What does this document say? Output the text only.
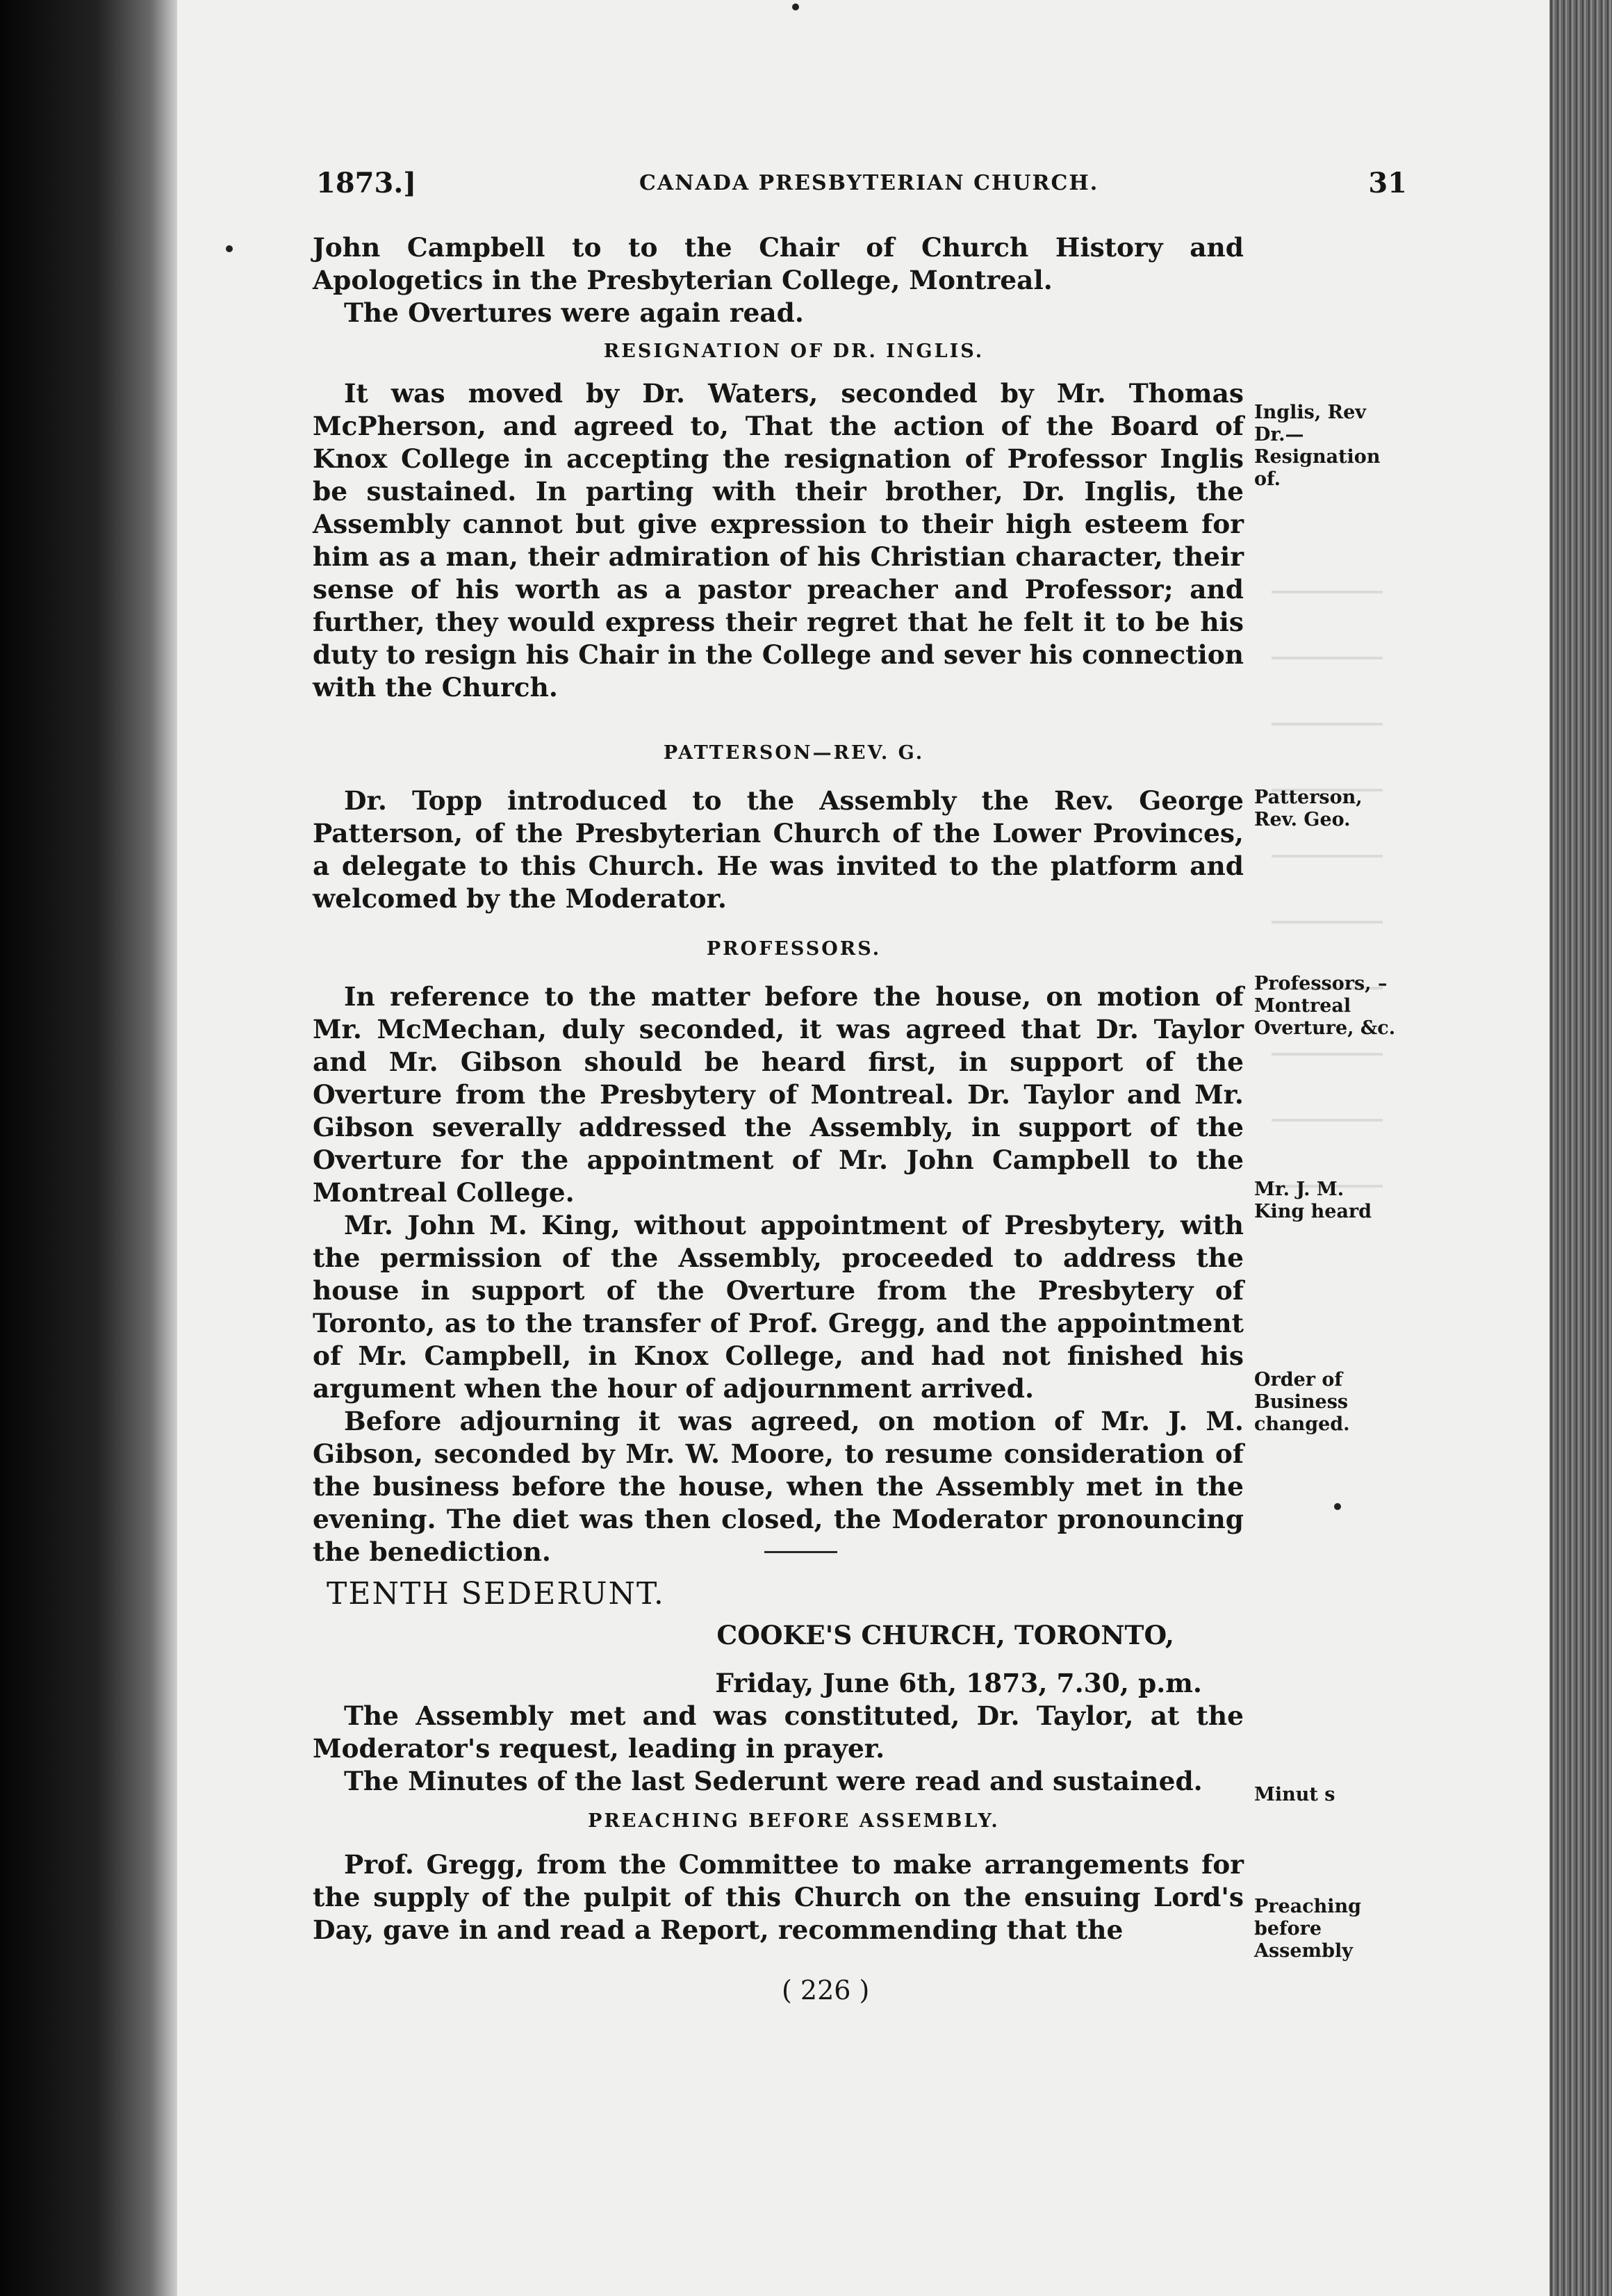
1873.]	CANADA PRESBYTERIAN CHURCH.	31

John Campbell to to the Chair of Church History and Apologetics in the Presbyterian College, Montreal.

The Overtures were again read.

RESIGNATION OF DR. INGLIS.

It was moved by Dr. Waters, seconded by Mr. Thomas McPherson, and agreed to, That the action of the Board of Knox College in accepting the resignation of Professor Inglis be sustained. In parting with their brother, Dr. Inglis, the Assembly cannot but give expression to their high esteem for him as a man, their admiration of his Christian character, their sense of his worth as a pastor preacher and Professor; and further, they would express their regret that he felt it to be his duty to resign his Chair in the College and sever his connection with the Church.

Inglis, Rev Dr.—Resignation of.

PATTERSON—REV. G.

Dr. Topp introduced to the Assembly the Rev. George Patterson, of the Presbyterian Church of the Lower Provinces, a delegate to this Church. He was invited to the platform and welcomed by the Moderator.

Patterson, Rev. Geo.

PROFESSORS.

In reference to the matter before the house, on motion of Mr. McMechan, duly seconded, it was agreed that Dr. Taylor and Mr. Gibson should be heard first, in support of the Overture from the Presbytery of Montreal. Dr. Taylor and Mr. Gibson severally addressed the Assembly, in support of the Overture for the appointment of Mr. John Campbell to the Montreal College.

Mr. John M. King, without appointment of Presbytery, with the permission of the Assembly, proceeded to address the house in support of the Overture from the Presbytery of Toronto, as to the transfer of Prof. Gregg, and the appointment of Mr. Campbell, in Knox College, and had not finished his argument when the hour of adjournment arrived.

Before adjourning it was agreed, on motion of Mr. J. M. Gibson, seconded by Mr. W. Moore, to resume consideration of the business before the house, when the Assembly met in the evening. The diet was then closed, the Moderator pronouncing the benediction.

Professors, – Montreal Overture, &c.
Mr. J. M. King heard
Order of Business changed.
TENTH SEDERUNT.

COOKE'S CHURCH, TORONTO,

Friday, June 6th, 1873, 7.30, p.m.

The Assembly met and was constituted, Dr. Taylor, at the Moderator's request, leading in prayer.

The Minutes of the last Sederunt were read and sustained.

PREACHING BEFORE ASSEMBLY.

Prof. Gregg, from the Committee to make arrangements for the supply of the pulpit of this Church on the ensuing Lord's Day, gave in and read a Report, recommending that the

Minut s
Preaching before Assembly
( 226 )
